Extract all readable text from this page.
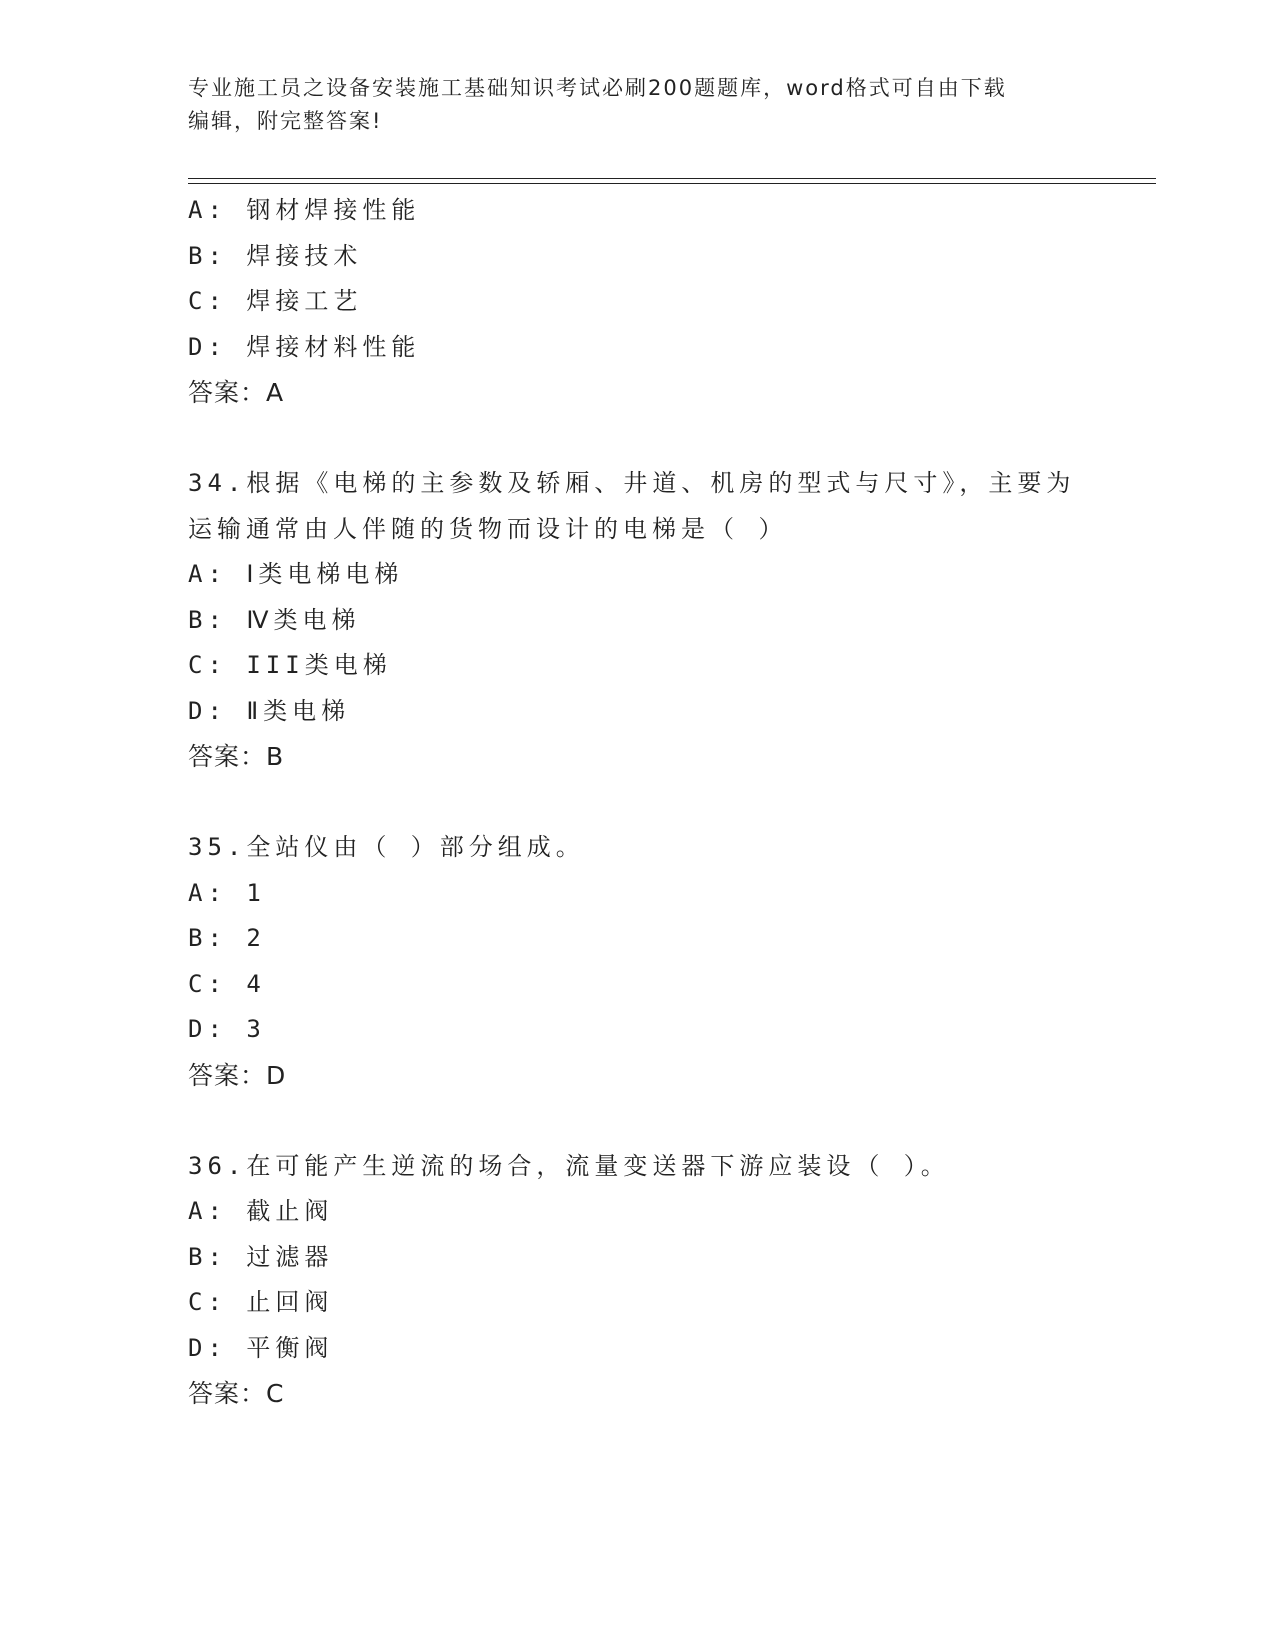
专业施工员之设备安装施工基础知识考试必刷200题题库，word格式可自由下载
编辑，附完整答案!
A: 钢材焊接性能
B: 焊接技术
C: 焊接工艺
D: 焊接材料性能
答案：A
34.根据《电梯的主参数及轿厢、井道、机房的型式与尺寸》，主要为
运输通常由人伴随的货物而设计的电梯是（ ）
A: Ⅰ类电梯电梯
B: Ⅳ类电梯
C: III类电梯
D: Ⅱ类电梯
答案：B
35.全站仪由（ ）部分组成。
A: 1
B: 2
C: 4
D: 3
答案：D
36.在可能产生逆流的场合，流量变送器下游应装设（ ）。
A: 截止阀
B: 过滤器
C: 止回阀
D: 平衡阀
答案：C
